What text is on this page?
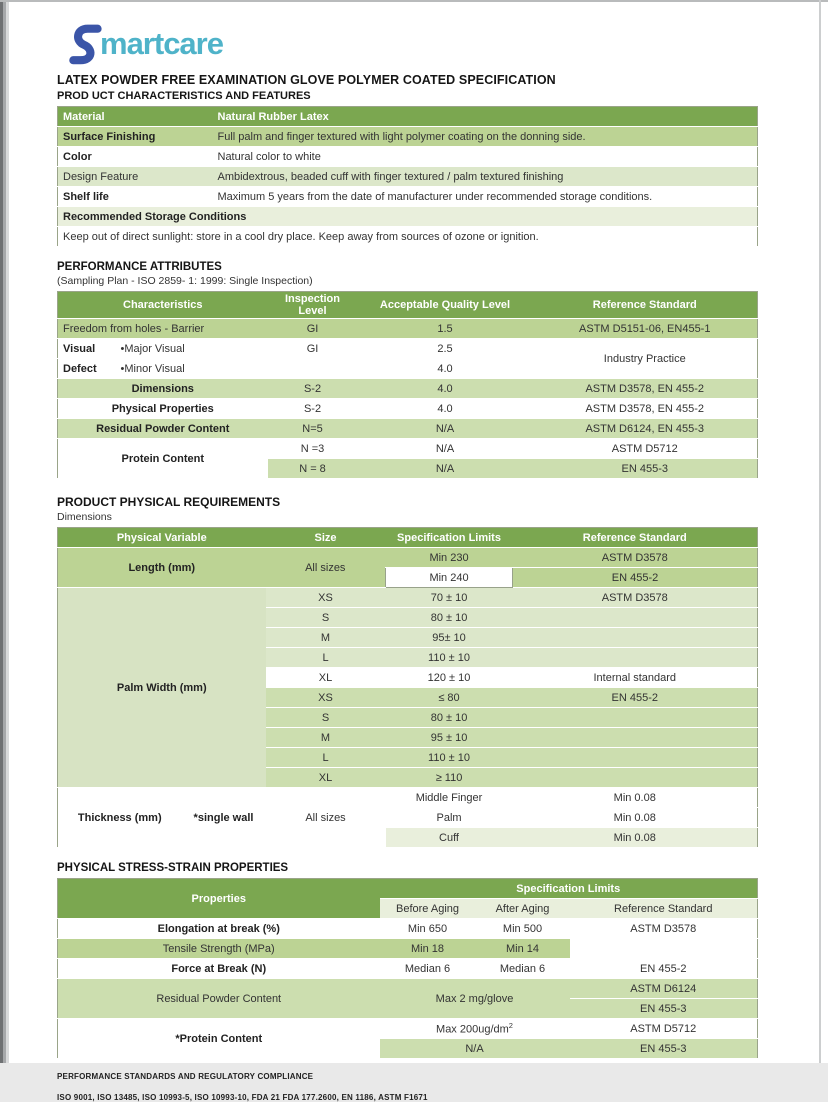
martcare
LATEX POWDER FREE EXAMINATION GLOVE POLYMER COATED SPECIFICATION
PROD UCT CHARACTERISTICS AND FEATURES
Material	Natural Rubber Latex
Surface Finishing	Full palm and finger textured with light polymer coating on the donning side.
Color	Natural color to white
Design Feature	Ambidextrous, beaded cuff with finger textured / palm textured finishing
Shelf life	Maximum 5 years from the date of manufacturer under recommended storage conditions.
Recommended Storage Conditions	
Keep out of direct sunlight: store in a cool dry place. Keep away from sources of ozone or ignition.	
PERFORMANCE ATTRIBUTES
(Sampling Plan - ISO 2859- 1: 1999: Single Inspection)
Characteristics		Inspection Level	Acceptable Quality Level	Reference Standard
Freedom from holes - Barrier		GI	1.5	ASTM D5151-06, EN455-1
Visual	•Major Visual	GI	2.5	Industry Practice
Defect	•Minor Visual		4.0	
Dimensions		S-2	4.0	ASTM D3578, EN 455-2
Physical Properties		S-2	4.0	ASTM D3578, EN 455-2
Residual Powder Content		N=5	N/A	ASTM D6124, EN 455-3
Protein Content		N =3	N/A	ASTM D5712
		N = 8	N/A	EN 455-3
PRODUCT PHYSICAL REQUIREMENTS
Dimensions
Physical Variable		Size	Specification Limits	Reference Standard
Length (mm)		All sizes	Min 230	ASTM D3578
			Min 240	EN 455-2
Palm Width (mm)		XS	70 ± 10	ASTM D3578
		S	80 ± 10	
		M	95± 10	
		L	110 ± 10	
		XL	120 ± 10	Internal standard
		XS	≤ 80	EN 455-2
		S	80 ± 10	
		M	95 ± 10	
		L	110 ± 10	
		XL	≥ 110	
Thickness (mm)	*single wall	All sizes	Middle Finger	Min 0.08
			Palm	Min 0.08
			Cuff	Min 0.08
PHYSICAL STRESS-STRAIN PROPERTIES
Properties	Specification Limits		
	Before Aging	After Aging	Reference Standard
Elongation at break (%)	Min 650	Min 500	ASTM D3578
Tensile Strength (MPa)	Min 18	Min 14	
Force at Break (N)	Median 6	Median 6	EN 455-2
Residual Powder Content	Max 2 mg/glove		ASTM D6124
			EN 455-3
*Protein Content	Max $200ug/dm^2$		ASTM D5712
	N/A		EN 455-3
PERFORMANCE STANDARDS AND REGULATORY COMPLIANCE
ISO 9001, ISO 13485, ISO 10993-5, ISO 10993-10, FDA 21 FDA 177.2600, EN 1186, ASTM F1671
